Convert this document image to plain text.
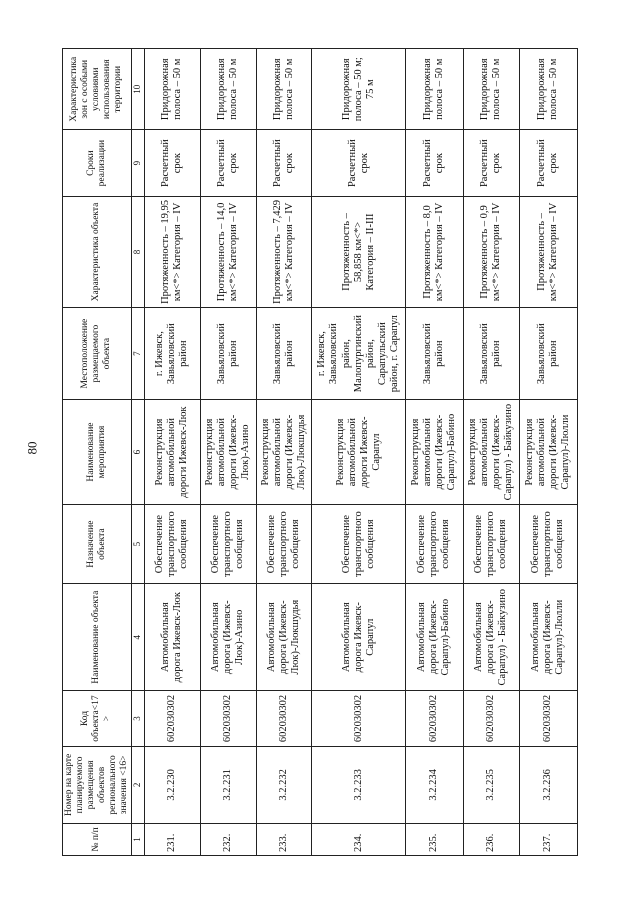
80
№ п/п	Номер на карте планируемого размещения объектов регионального значения <16>	Код объекта<17>	Наименование объекта	Назначение объекта	Наименование мероприятия	Местоположение размещаемого объекта	Характеристика объекта	Сроки реализации	Характеристика зон с особыми условиями использования территории
1	2	3	4	5	6	7	8	9	10
231.	3.2.230	602030302	Автомобильная дорога Ижевск-Люк	Обеспечение транспортного сообщения	Реконструкция автомобильной дороги Ижевск-Люк	г. Ижевск, Завьяловский район	Протяженность – 19,95 км<*> Категория – IV	Расчетный срок	Придорожная полоса – 50 м
232.	3.2.231	602030302	Автомобильная дорога (Ижевск-Люк)-Азино	Обеспечение транспортного сообщения	Реконструкция автомобильной дороги (Ижевск-Люк)-Азино	Завьяловский район	Протяженность – 14,0 км<*> Категория – IV	Расчетный срок	Придорожная полоса – 50 м
233.	3.2.232	602030302	Автомобильная дорога (Ижевск-Люк)-Люкшудья	Обеспечение транспортного сообщения	Реконструкция автомобильной дороги (Ижевск-Люк)-Люкшудья	Завьяловский район	Протяженность – 7,429 км<*> Категория – IV	Расчетный срок	Придорожная полоса – 50 м
234.	3.2.233	602030302	Автомобильная дорога Ижевск-Сарапул	Обеспечение транспортного сообщения	Реконструкция автомобильной дороги Ижевск-Сарапул	г. Ижевск, Завьяловский район, Малопургинский район, Сарапульский район, г. Сарапул	Протяженность – 58,858 км<*> Категория – II-III	Расчетный срок	Придорожная полоса – 50 м; 75 м
235.	3.2.234	602030302	Автомобильная дорога (Ижевск-Сарапул)-Бабино	Обеспечение транспортного сообщения	Реконструкция автомобильной дороги (Ижевск-Сарапул)-Бабино	Завьяловский район	Протяженность – 8,0 км<*> Категория – IV	Расчетный срок	Придорожная полоса – 50 м
236.	3.2.235	602030302	Автомобильная дорога (Ижевск-Сарапул) - Байкузино	Обеспечение транспортного сообщения	Реконструкция автомобильной дороги (Ижевск-Сарапул) - Байкузино	Завьяловский район	Протяженность – 0,9 км<*> Категория – IV	Расчетный срок	Придорожная полоса – 50 м
237.	3.2.236	602030302	Автомобильная дорога (Ижевск-Сарапул)-Люлли	Обеспечение транспортного сообщения	Реконструкция автомобильной дороги (Ижевск-Сарапул)-Люлли	Завьяловский район	Протяженность – км<*> Категория – IV	Расчетный срок	Придорожная полоса – 50 м
